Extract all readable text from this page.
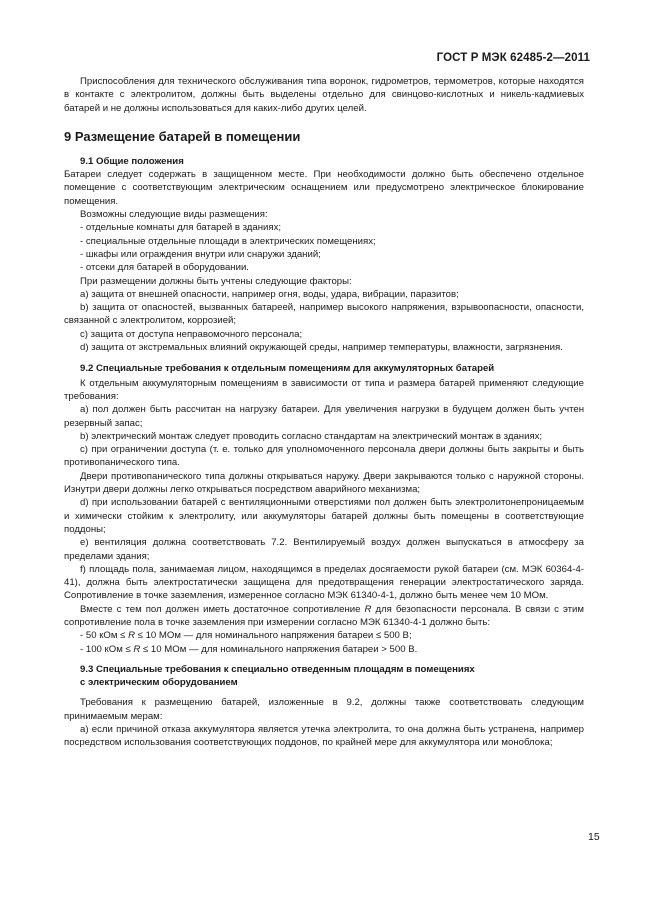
ГОСТ Р МЭК 62485-2—2011

Приспособления для технического обслуживания типа воронок, гидрометров, термометров, которые находятся в контакте с электролитом, должны быть выделены отдельно для свинцово-кислотных и никель-кадмиевых батарей и не должны использоваться для каких-либо других целей.

9 Размещение батарей в помещении
9.1 Общие положения

Батареи следует содержать в защищенном месте. При необходимости должно быть обеспечено отдельное помещение с соответствующим электрическим оснащением или предусмотрено электрическое блокирование помещения.

Возможны следующие виды размещения:

- отдельные комнаты для батарей в зданиях;

- специальные отдельные площади в электрических помещениях;

- шкафы или ограждения внутри или снаружи зданий;

- отсеки для батарей в оборудовании.

При размещении должны быть учтены следующие факторы:

a) защита от внешней опасности, например огня, воды, удара, вибрации, паразитов;

b) защита от опасностей, вызванных батареей, например высокого напряжения, взрывоопасности, опасности, связанной с электролитом, коррозией;

c) защита от доступа неправомочного персонала;

d) защита от экстремальных влияний окружающей среды, например температуры, влажности, загрязнения.

9.2 Специальные требования к отдельным помещениям для аккумуляторных батарей

К отдельным аккумуляторным помещениям в зависимости от типа и размера батарей применяют следующие требования:

a) пол должен быть рассчитан на нагрузку батареи. Для увеличения нагрузки в будущем должен быть учтен резервный запас;

b) электрический монтаж следует проводить согласно стандартам на электрический монтаж в зданиях;

c) при ограничении доступа (т. е. только для уполномоченного персонала двери должны быть закрыты и быть противопанического типа.

Двери противопанического типа должны открываться наружу. Двери закрываются только с наружной стороны. Изнутри двери должны легко открываться посредством аварийного механизма;

d) при использовании батарей с вентиляционными отверстиями пол должен быть электролитонепроницаемым и химически стойким к электролиту, или аккумуляторы батарей должны быть помещены в соответствующие поддоны;

e) вентиляция должна соответствовать 7.2. Вентилируемый воздух должен выпускаться в атмосферу за пределами здания;

f) площадь пола, занимаемая лицом, находящимся в пределах досягаемости рукой батареи (см. МЭК 60364-4-41), должна быть электростатически защищена для предотвращения генерации электростатического заряда. Сопротивление в точке заземления, измеренное согласно МЭК 61340-4-1, должно быть менее чем 10 МОм.

Вместе с тем пол должен иметь достаточное сопротивление R для безопасности персонала. В связи с этим сопротивление пола в точке заземления при измерении согласно МЭК 61340-4-1 должно быть:

- 50 кОм ≤ R ≤ 10 МОм — для номинального напряжения батареи ≤ 500 В;

- 100 кОм ≤ R ≤ 10 МОм — для номинального напряжения батареи > 500 В.

9.3 Специальные требования к специально отведенным площадям в помещениях
с электрическим оборудованием

Требования к размещению батарей, изложенные в 9.2, должны также соответствовать следующим принимаемым мерам:

a) если причиной отказа аккумулятора является утечка электролита, то она должна быть устранена, например посредством использования соответствующих поддонов, по крайней мере для аккумулятора или моноблока;

15
